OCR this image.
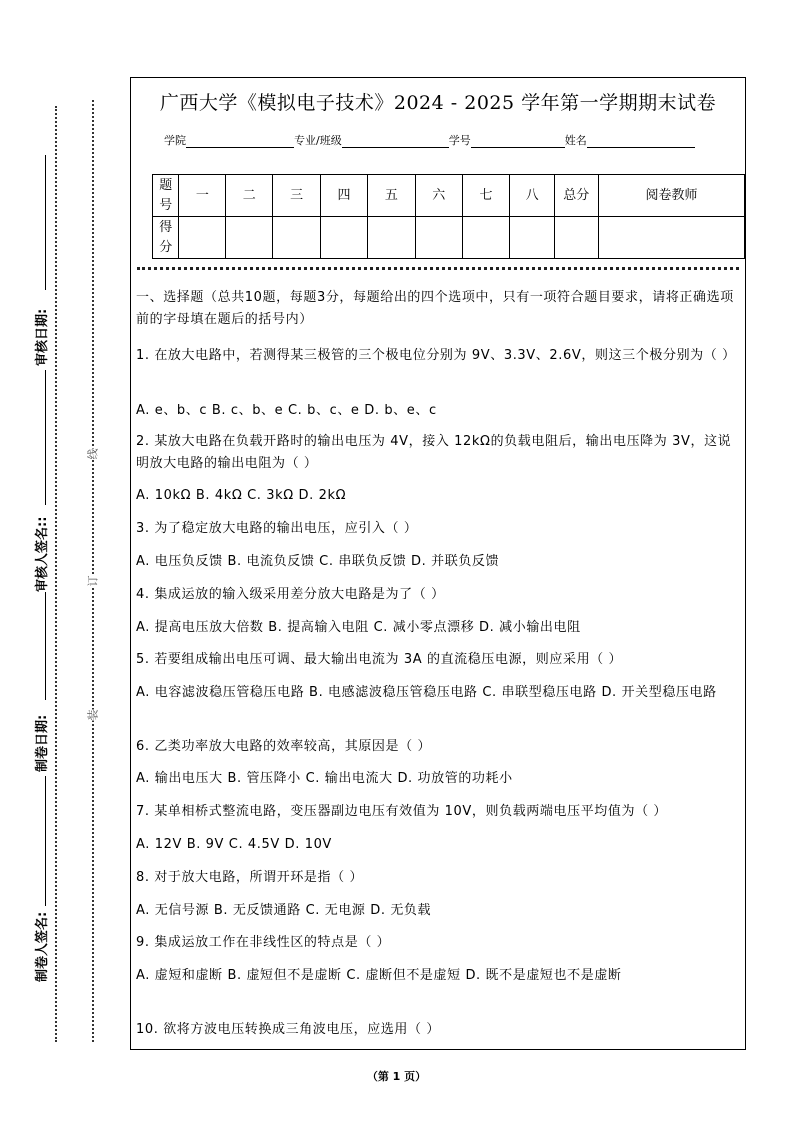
审核日期:
审核人签名::
制卷日期:
制卷人签名:
线
订
装
广西大学《模拟电子技术》2024 - 2025 学年第一学期期末试卷
学院	专业/班级	学号	姓名
题号	一	二	三	四	五	六	七	八	总分	阅卷教师
得分										
一、选择题（总共10题，每题3分，每题给出的四个选项中，只有一项符合题目要求，请将正确选项前的字母填在题后的括号内）
1. 在放大电路中，若测得某三极管的三个极电位分别为 9V、3.3V、2.6V，则这三个极分别为（ ）
A. e、b、c B. c、b、e C. b、c、e D. b、e、c
2. 某放大电路在负载开路时的输出电压为 4V，接入 12kΩ的负载电阻后，输出电压降为 3V，这说明放大电路的输出电阻为（ ）
A. 10kΩ B. 4kΩ C. 3kΩ D. 2kΩ
3. 为了稳定放大电路的输出电压，应引入（ ）
A. 电压负反馈 B. 电流负反馈 C. 串联负反馈 D. 并联负反馈
4. 集成运放的输入级采用差分放大电路是为了（ ）
A. 提高电压放大倍数 B. 提高输入电阻 C. 减小零点漂移 D. 减小输出电阻
5. 若要组成输出电压可调、最大输出电流为 3A 的直流稳压电源，则应采用（ ）
A. 电容滤波稳压管稳压电路 B. 电感滤波稳压管稳压电路 C. 串联型稳压电路 D. 开关型稳压电路
6. 乙类功率放大电路的效率较高，其原因是（ ）
A. 输出电压大 B. 管压降小 C. 输出电流大 D. 功放管的功耗小
7. 某单相桥式整流电路，变压器副边电压有效值为 10V，则负载两端电压平均值为（ ）
A. 12V B. 9V C. 4.5V D. 10V
8. 对于放大电路，所谓开环是指（ ）
A. 无信号源 B. 无反馈通路 C. 无电源 D. 无负载
9. 集成运放工作在非线性区的特点是（ ）
A. 虚短和虚断 B. 虚短但不是虚断 C. 虚断但不是虚短 D. 既不是虚短也不是虚断
10. 欲将方波电压转换成三角波电压，应选用（ ）
（第 1 页）
